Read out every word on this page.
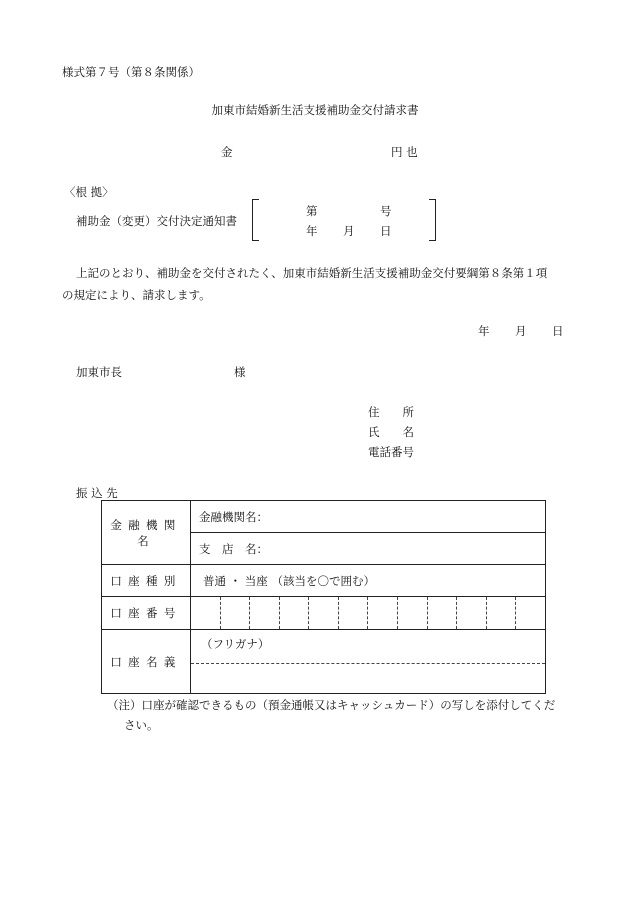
様式第７号（第８条関係）
加東市結婚新生活支援補助金交付請求書
金	円 也
〈根 拠〉
補助金（変更）交付決定通知書
第	号
年 月 日
上記のとおり、補助金を交付されたく、加東市結婚新生活支援補助金交付要綱第８条第１項
の規定により、請求します。
年 月 日
加東市長	様
住　　所
氏　　名
電話番号
振 込 先
金融機関名	金融機関名：
	支　店　名：
口座種別	普通 ・ 当座 （該当を〇で囲む）
口座番号	

口座名義	（フリガナ）
（注）口座が確認できるもの（預金通帳又はキャッシュカード）の写しを添付してくだ
さい。
